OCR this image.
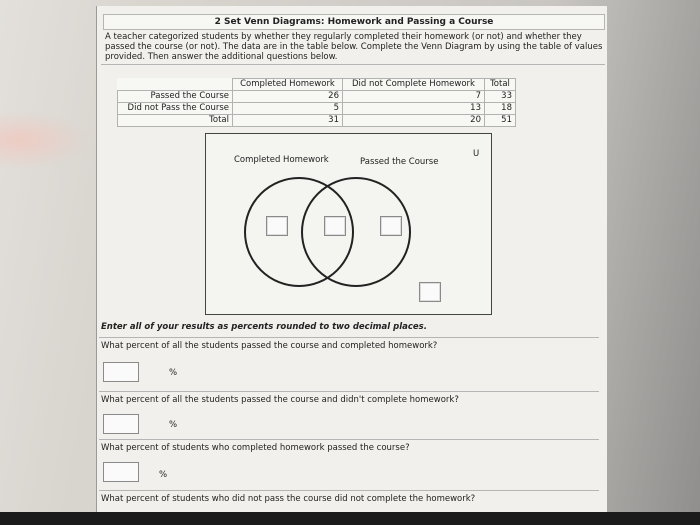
2 Set Venn Diagrams: Homework and Passing a Course
A teacher categorized students by whether they regularly completed their homework (or not) and whether they passed the course (or not). The data are in the table below. Complete the Venn Diagram by using the table of values provided. Then answer the additional questions below.
	Completed Homework	Did not Complete Homework	Total
Passed the Course	26	7	33
Did not Pass the Course	5	13	18
Total	31	20	51
Completed Homework	Passed the Course
U
Enter all of your results as percents rounded to two decimal places.
What percent of all the students passed the course and completed homework?
%
What percent of all the students passed the course and didn't complete homework?
%
What percent of students who completed homework passed the course?
%
What percent of students who did not pass the course did not complete the homework?
